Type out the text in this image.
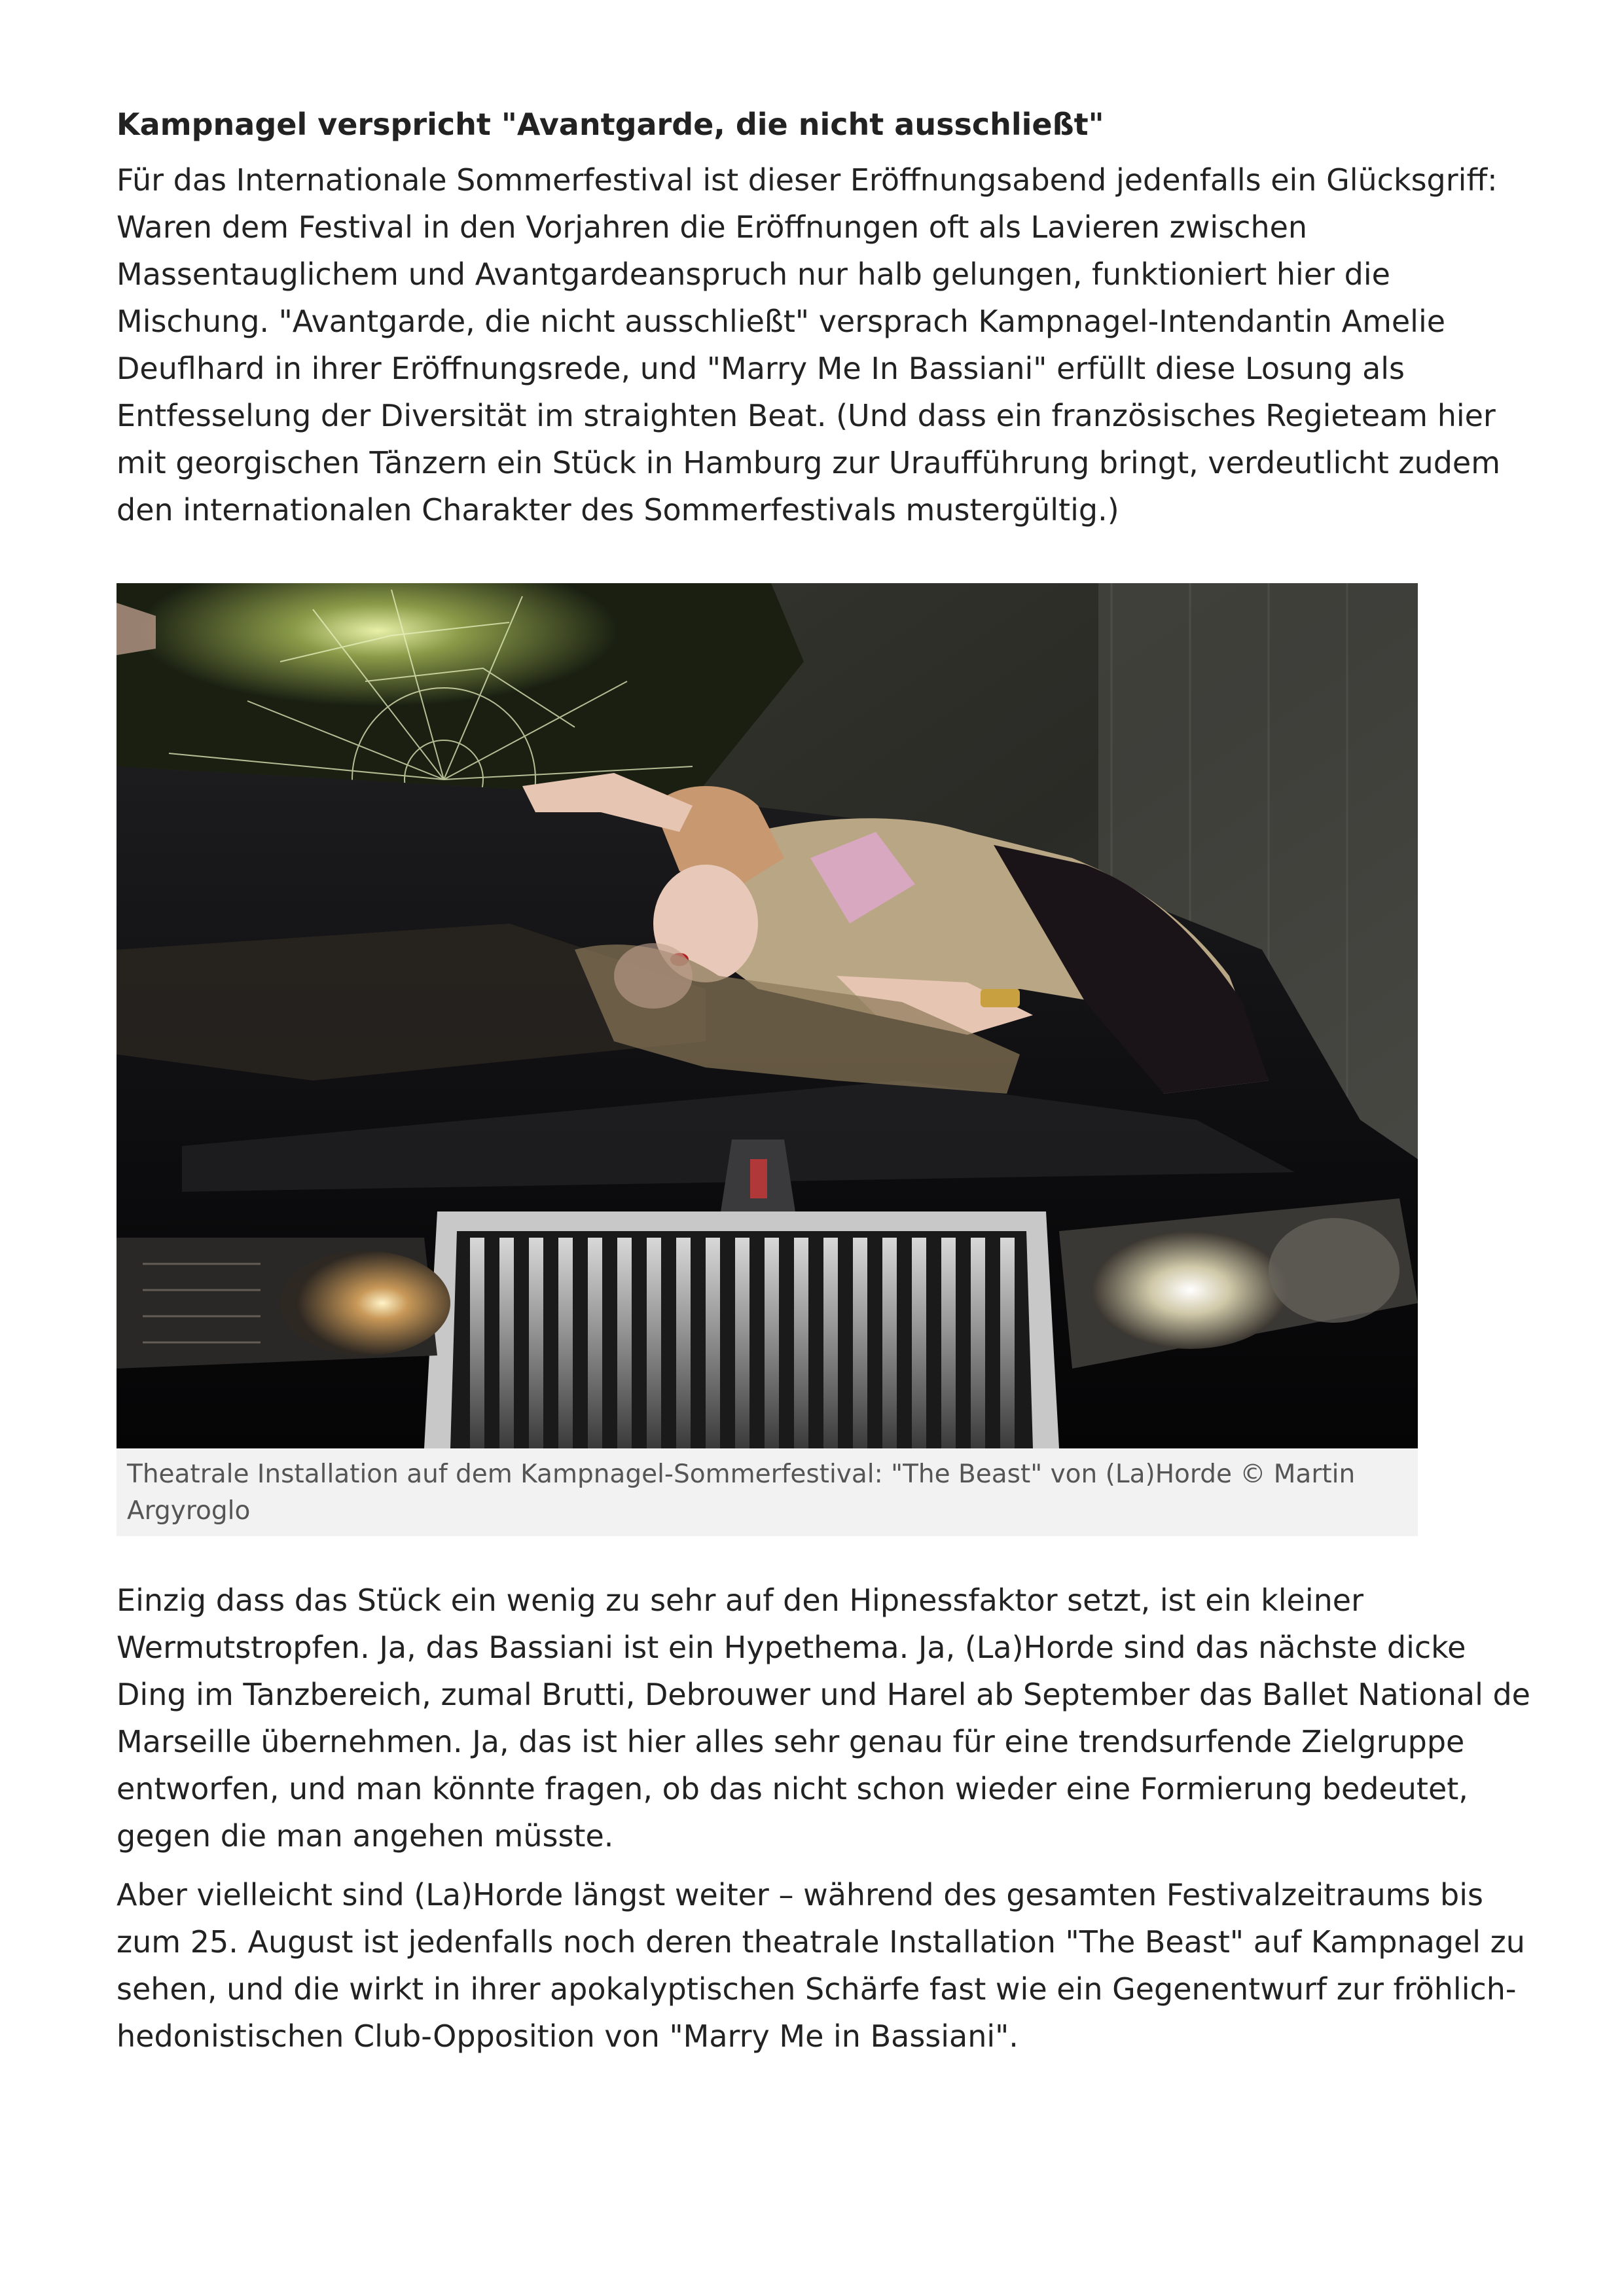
Kampnagel verspricht "Avantgarde, die nicht ausschließt"

Für das Internationale Sommerfestival ist dieser Eröffnungsabend jedenfalls ein Glücksgriff: Waren dem Festival in den Vorjahren die Eröffnungen oft als Lavieren zwischen Massentauglichem und Avantgardeanspruch nur halb gelungen, funktioniert hier die Mischung. "Avantgarde, die nicht ausschließt" versprach Kampnagel-Intendantin Amelie Deuflhard in ihrer Eröffnungsrede, und "Marry Me In Bassiani" erfüllt diese Losung als Entfesselung der Diversität im straighten Beat. (Und dass ein französisches Regieteam hier mit georgischen Tänzern ein Stück in Hamburg zur Uraufführung bringt, verdeutlicht zudem den internationalen Charakter des Sommerfestivals mustergültig.)

Theatrale Installation auf dem Kampnagel-Sommerfestival: "The Beast" von (La)Horde © Martin Argyroglo

Einzig dass das Stück ein wenig zu sehr auf den Hipnessfaktor setzt, ist ein kleiner Wermutstropfen. Ja, das Bassiani ist ein Hypethema. Ja, (La)Horde sind das nächste dicke Ding im Tanzbereich, zumal Brutti, Debrouwer und Harel ab September das Ballet National de Marseille übernehmen. Ja, das ist hier alles sehr genau für eine trendsurfende Zielgruppe entworfen, und man könnte fragen, ob das nicht schon wieder eine Formierung bedeutet, gegen die man angehen müsste.

Aber vielleicht sind (La)Horde längst weiter – während des gesamten Festivalzeitraums bis zum 25. August ist jedenfalls noch deren theatrale Installation "The Beast" auf Kampnagel zu sehen, und die wirkt in ihrer apokalyptischen Schärfe fast wie ein Gegenentwurf zur fröhlich-hedonistischen Club-Opposition von "Marry Me in Bassiani".
